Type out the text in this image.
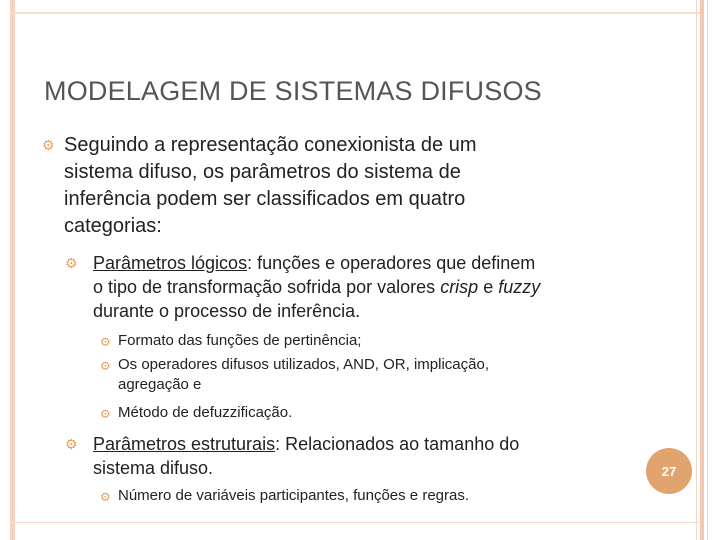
MODELAGEM DE SISTEMAS DIFUSOS
⚙ Seguindo a representação conexionista de um
sistema difuso, os parâmetros do sistema de
inferência podem ser classificados em quatro
categorias:
⚙ Parâmetros lógicos: funções e operadores que definem
o tipo de transformação sofrida por valores crisp e fuzzy
durante o processo de inferência.
⚙ Formato das funções de pertinência;
⚙ Os operadores difusos utilizados, AND, OR, implicação,
agregação e
⚙ Método de defuzzificação.
⚙ Parâmetros estruturais: Relacionados ao tamanho do
sistema difuso.
⚙ Número de variáveis participantes, funções e regras.
27
